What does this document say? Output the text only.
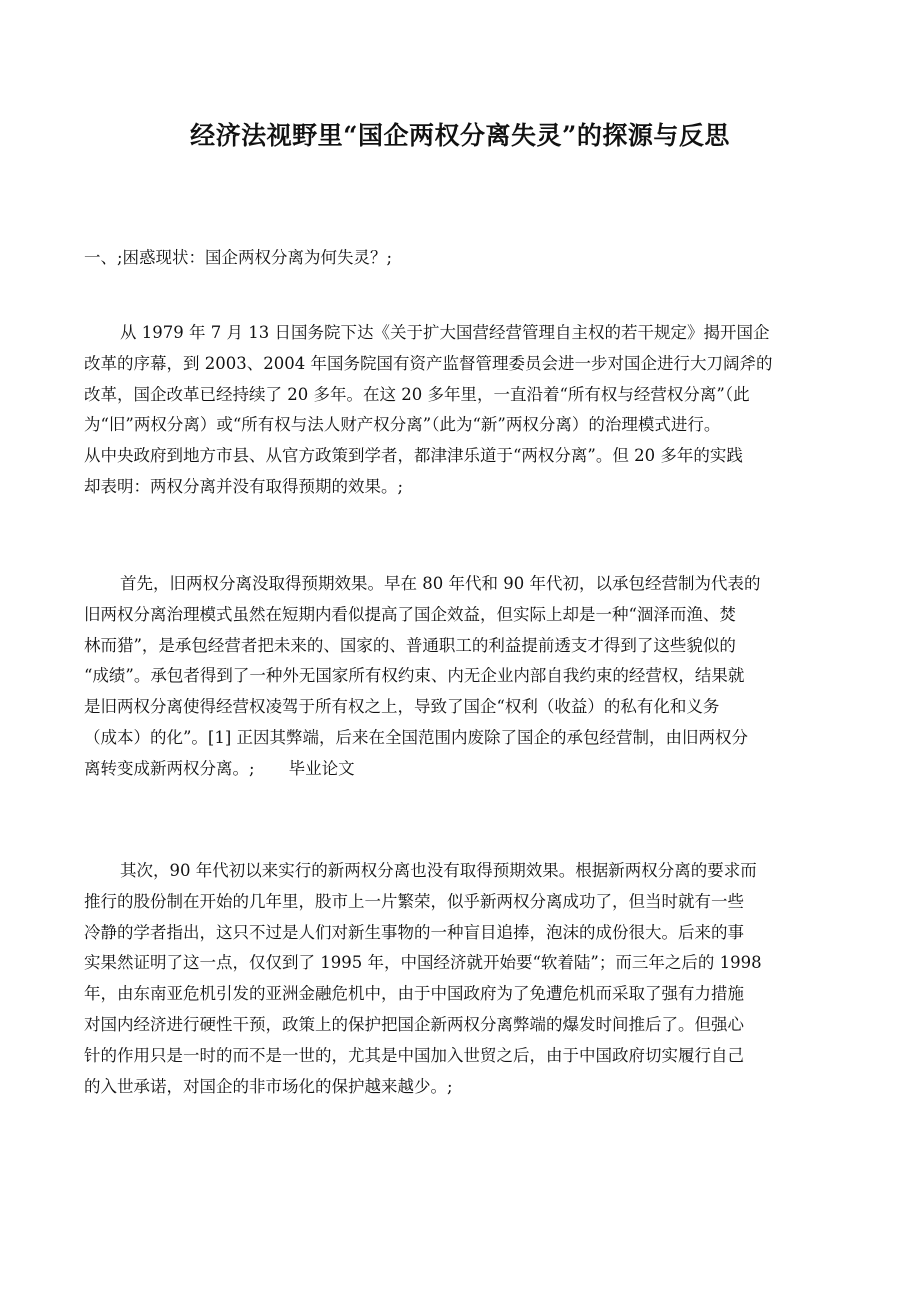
经济法视野里“国企两权分离失灵”的探源与反思

一、;困惑现状：国企两权分离为何失灵？;

从 1979 年 7 月 13 日国务院下达《关于扩大国营经营管理自主权的若干规定》揭开国企
改革的序幕，到 2003、2004 年国务院国有资产监督管理委员会进一步对国企进行大刀阔斧的
改革，国企改革已经持续了 20 多年。在这 20 多年里，一直沿着“所有权与经营权分离”（此
为“旧”两权分离）或“所有权与法人财产权分离”（此为“新”两权分离）的治理模式进行。
从中央政府到地方市县、从官方政策到学者，都津津乐道于“两权分离”。但 20 多年的实践
却表明：两权分离并没有取得预期的效果。;
首先，旧两权分离没取得预期效果。早在 80 年代和 90 年代初，以承包经营制为代表的
旧两权分离治理模式虽然在短期内看似提高了国企效益，但实际上却是一种“涸泽而渔、焚
林而猎”，是承包经营者把未来的、国家的、普通职工的利益提前透支才得到了这些貌似的
“成绩”。承包者得到了一种外无国家所有权约束、内无企业内部自我约束的经营权，结果就
是旧两权分离使得经营权凌驾于所有权之上，导致了国企“权利（收益）的私有化和义务
（成本）的化”。[1] 正因其弊端，后来在全国范围内废除了国企的承包经营制，由旧两权分
离转变成新两权分离。; 毕业论文
其次，90 年代初以来实行的新两权分离也没有取得预期效果。根据新两权分离的要求而
推行的股份制在开始的几年里，股市上一片繁荣，似乎新两权分离成功了，但当时就有一些
冷静的学者指出，这只不过是人们对新生事物的一种盲目追捧，泡沫的成份很大。后来的事
实果然证明了这一点，仅仅到了 1995 年，中国经济就开始要“软着陆”；而三年之后的 1998
年，由东南亚危机引发的亚洲金融危机中，由于中国政府为了免遭危机而采取了强有力措施
对国内经济进行硬性干预，政策上的保护把国企新两权分离弊端的爆发时间推后了。但强心
针的作用只是一时的而不是一世的，尤其是中国加入世贸之后，由于中国政府切实履行自己
的入世承诺，对国企的非市场化的保护越来越少。;
